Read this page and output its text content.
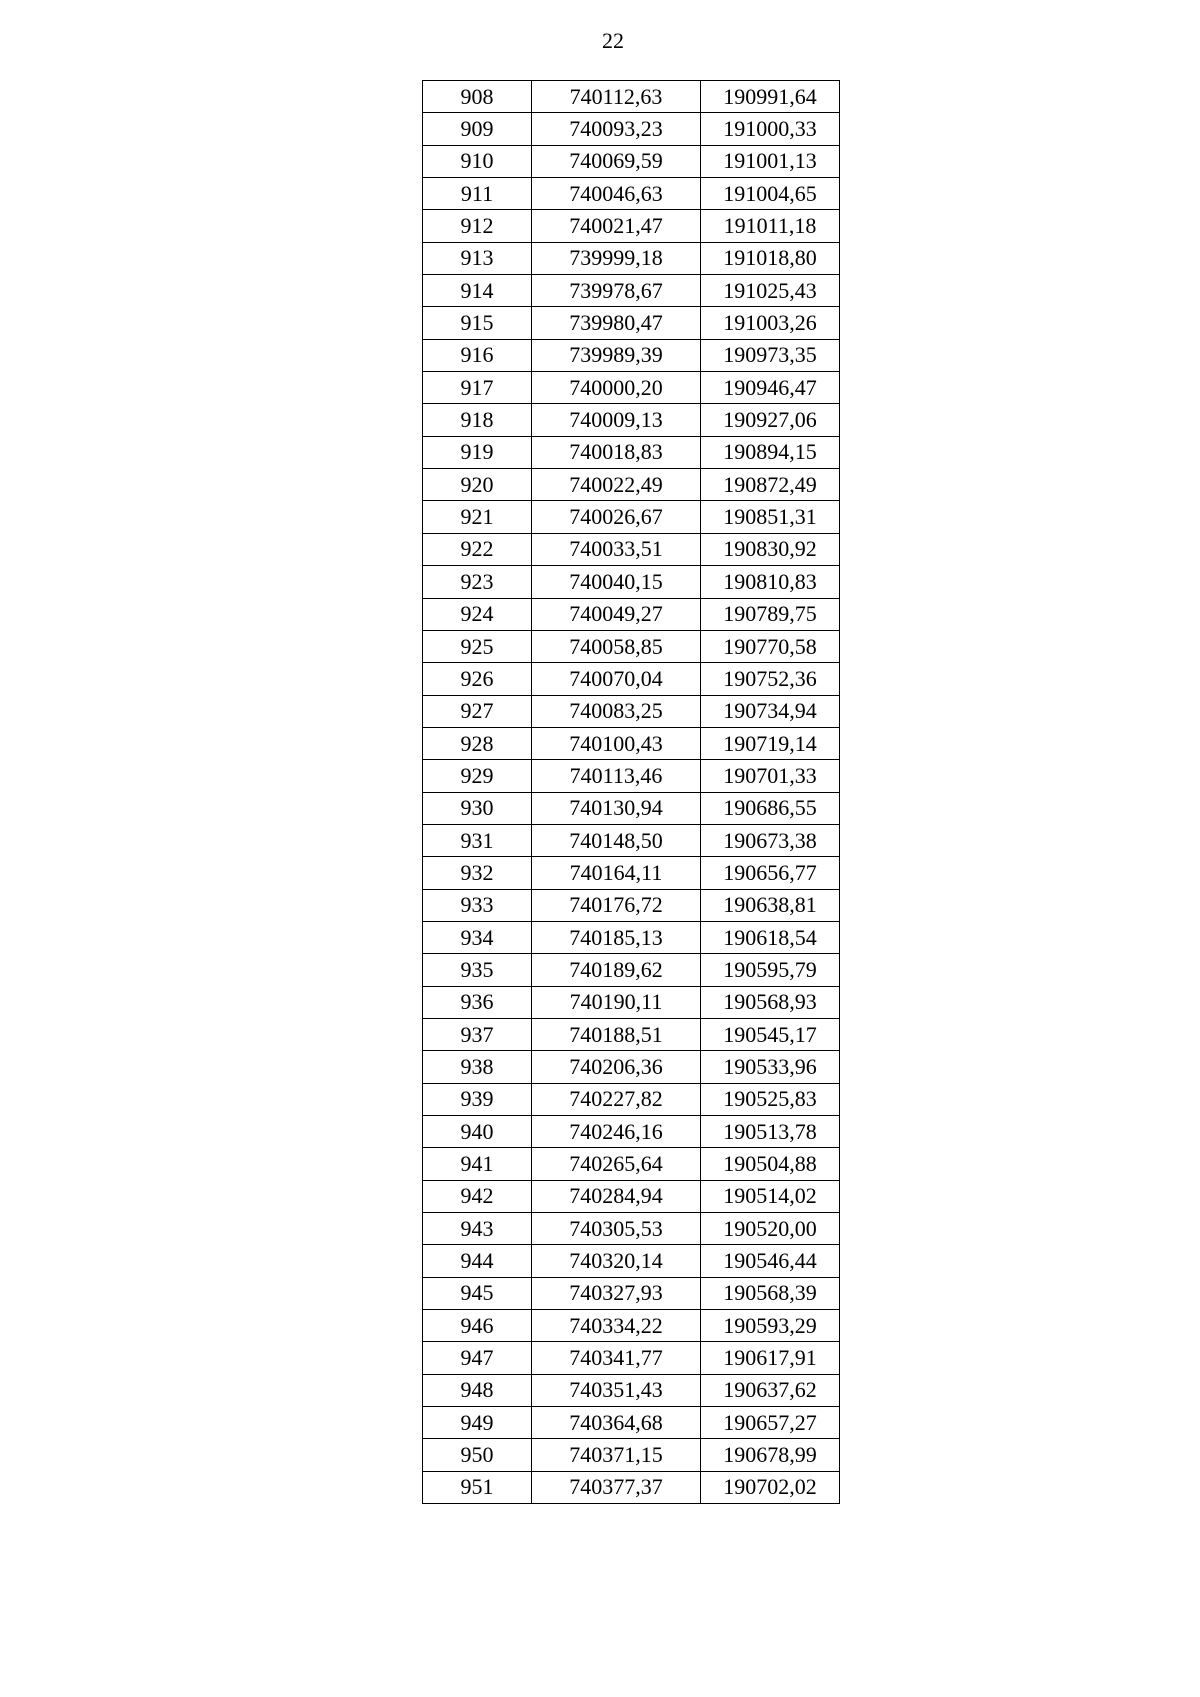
22
908	740112,63	190991,64
909	740093,23	191000,33
910	740069,59	191001,13
911	740046,63	191004,65
912	740021,47	191011,18
913	739999,18	191018,80
914	739978,67	191025,43
915	739980,47	191003,26
916	739989,39	190973,35
917	740000,20	190946,47
918	740009,13	190927,06
919	740018,83	190894,15
920	740022,49	190872,49
921	740026,67	190851,31
922	740033,51	190830,92
923	740040,15	190810,83
924	740049,27	190789,75
925	740058,85	190770,58
926	740070,04	190752,36
927	740083,25	190734,94
928	740100,43	190719,14
929	740113,46	190701,33
930	740130,94	190686,55
931	740148,50	190673,38
932	740164,11	190656,77
933	740176,72	190638,81
934	740185,13	190618,54
935	740189,62	190595,79
936	740190,11	190568,93
937	740188,51	190545,17
938	740206,36	190533,96
939	740227,82	190525,83
940	740246,16	190513,78
941	740265,64	190504,88
942	740284,94	190514,02
943	740305,53	190520,00
944	740320,14	190546,44
945	740327,93	190568,39
946	740334,22	190593,29
947	740341,77	190617,91
948	740351,43	190637,62
949	740364,68	190657,27
950	740371,15	190678,99
951	740377,37	190702,02
